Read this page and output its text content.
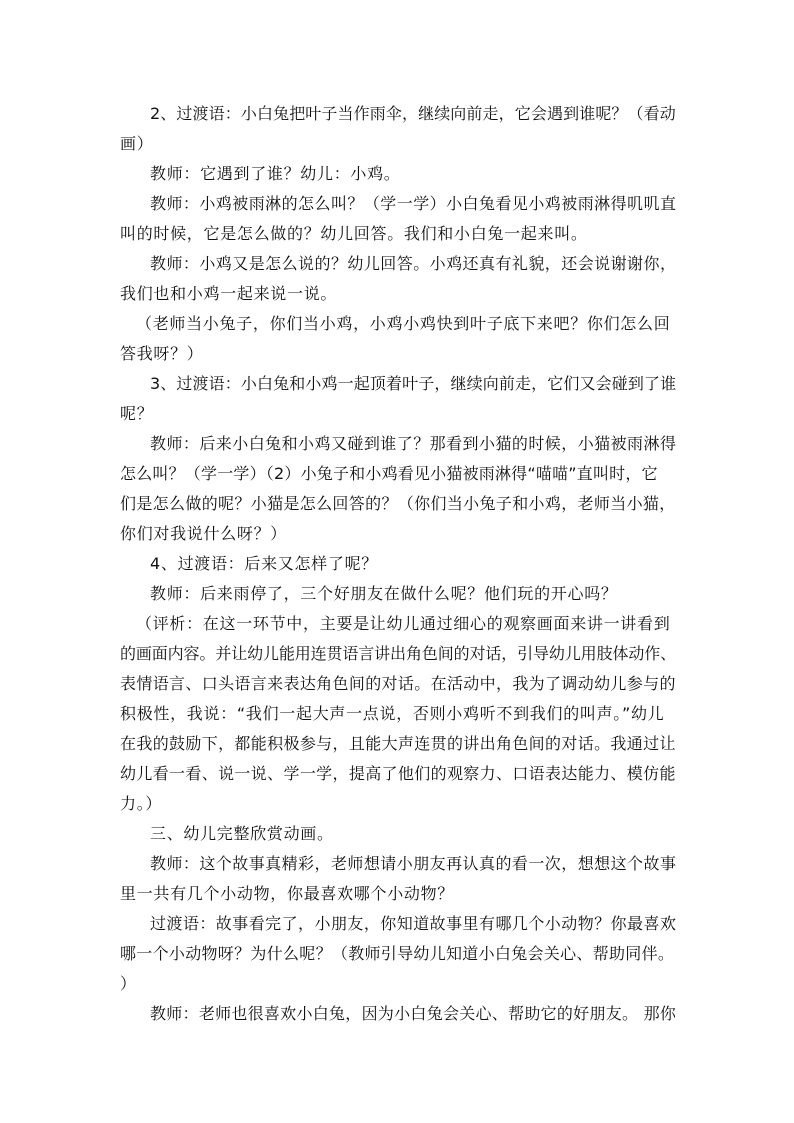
2、过渡语：小白兔把叶子当作雨伞，继续向前走，它会遇到谁呢？（看动
画）
教师：它遇到了谁？幼儿：小鸡。
教师：小鸡被雨淋的怎么叫？（学一学）小白兔看见小鸡被雨淋得叽叽直
叫的时候，它是怎么做的？幼儿回答。我们和小白兔一起来叫。
教师：小鸡又是怎么说的？幼儿回答。小鸡还真有礼貌，还会说谢谢你，
我们也和小鸡一起来说一说。
（老师当小兔子，你们当小鸡，小鸡小鸡快到叶子底下来吧？你们怎么回
答我呀？）
3、过渡语：小白兔和小鸡一起顶着叶子，继续向前走，它们又会碰到了谁
呢？
教师：后来小白兔和小鸡又碰到谁了？那看到小猫的时候，小猫被雨淋得
怎么叫？（学一学）（2）小兔子和小鸡看见小猫被雨淋得“喵喵”直叫时，它
们是怎么做的呢？小猫是怎么回答的？（你们当小兔子和小鸡，老师当小猫，
你们对我说什么呀？）
4、过渡语：后来又怎样了呢？
教师：后来雨停了，三个好朋友在做什么呢？他们玩的开心吗？
（评析：在这一环节中，主要是让幼儿通过细心的观察画面来讲一讲看到
的画面内容。并让幼儿能用连贯语言讲出角色间的对话，引导幼儿用肢体动作、
表情语言、口头语言来表达角色间的对话。在活动中，我为了调动幼儿参与的
积极性，我说：“我们一起大声一点说，否则小鸡听不到我们的叫声。”幼儿
在我的鼓励下，都能积极参与，且能大声连贯的讲出角色间的对话。我通过让
幼儿看一看、说一说、学一学，提高了他们的观察力、口语表达能力、模仿能
力。）
三、幼儿完整欣赏动画。
教师：这个故事真精彩，老师想请小朋友再认真的看一次，想想这个故事
里一共有几个小动物，你最喜欢哪个小动物？
过渡语：故事看完了，小朋友，你知道故事里有哪几个小动物？你最喜欢
哪一个小动物呀？为什么呢？（教师引导幼儿知道小白兔会关心、帮助同伴。
）
教师：老师也很喜欢小白兔，因为小白兔会关心、帮助它的好朋友。 那你
